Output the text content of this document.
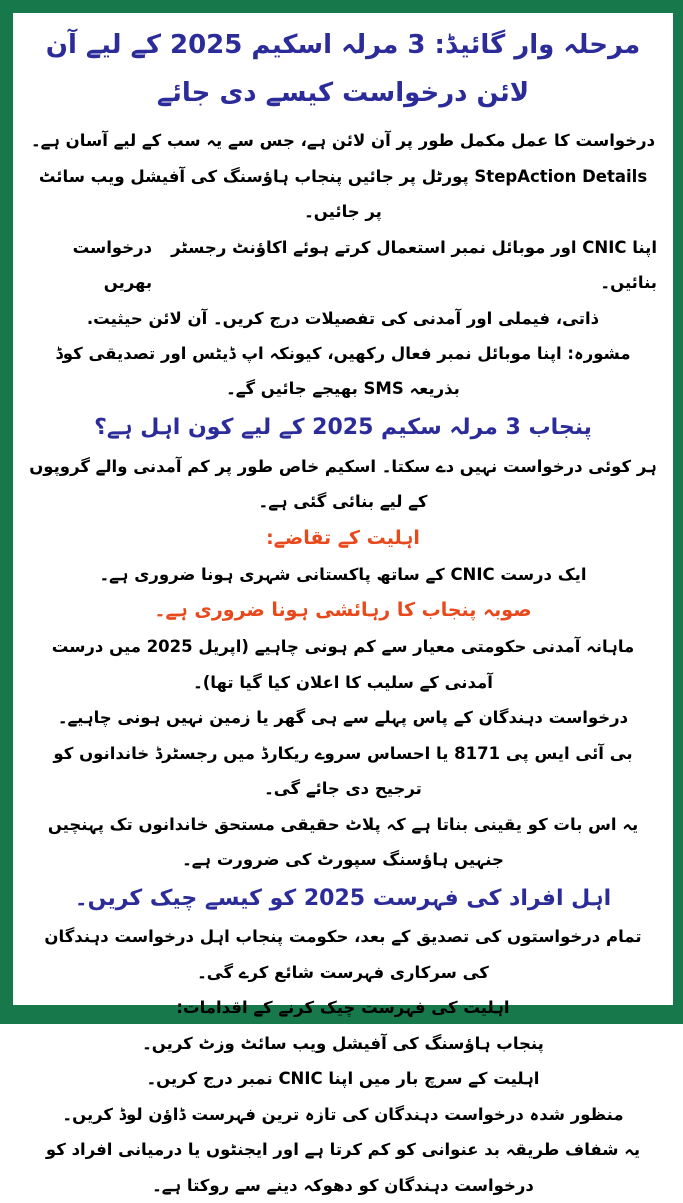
مرحلہ وار گائیڈ: 3 مرلہ اسکیم 2025 کے لیے آن لائن درخواست کیسے دی جائے
درخواست کا عمل مکمل طور پر آن لائن ہے، جس سے یہ سب کے لیے آسان ہے۔
StepAction Details پورٹل پر جائیں پنجاب ہاؤسنگ کی آفیشل ویب سائٹ پر جائیں۔
اپنا CNIC اور موبائل نمبر استعمال کرتے ہوئے اکاؤنٹ رجسٹر بنائیں۔
درخواست بھریں
ذاتی، فیملی اور آمدنی کی تفصیلات درج کریں۔ آن لائن حیثیت.
مشورہ: اپنا موبائل نمبر فعال رکھیں، کیونکہ اپ ڈیٹس اور تصدیقی کوڈ بذریعہ SMS بھیجے جائیں گے۔
پنجاب 3 مرلہ سکیم 2025 کے لیے کون اہل ہے؟
ہر کوئی درخواست نہیں دے سکتا۔ اسکیم خاص طور پر کم آمدنی والے گروپوں کے لیے بنائی گئی ہے۔
اہلیت کے تقاضے:
ایک درست CNIC کے ساتھ پاکستانی شہری ہونا ضروری ہے۔
صوبہ پنجاب کا رہائشی ہونا ضروری ہے۔
ماہانہ آمدنی حکومتی معیار سے کم ہونی چاہیے (اپریل 2025 میں درست آمدنی کے سلیب کا اعلان کیا گیا تھا)۔
درخواست دہندگان کے پاس پہلے سے ہی گھر یا زمین نہیں ہونی چاہیے۔
بی آئی ایس پی 8171 یا احساس سروے ریکارڈ میں رجسٹرڈ خاندانوں کو ترجیح دی جائے گی۔
یہ اس بات کو یقینی بناتا ہے کہ پلاٹ حقیقی مستحق خاندانوں تک پہنچیں جنہیں ہاؤسنگ سپورٹ کی ضرورت ہے۔
اہل افراد کی فہرست 2025 کو کیسے چیک کریں۔
تمام درخواستوں کی تصدیق کے بعد، حکومت پنجاب اہل درخواست دہندگان کی سرکاری فہرست شائع کرے گی۔
اہلیت کی فہرست چیک کرنے کے اقدامات:
پنجاب ہاؤسنگ کی آفیشل ویب سائٹ وزٹ کریں۔
اہلیت کے سرچ بار میں اپنا CNIC نمبر درج کریں۔
منظور شدہ درخواست دہندگان کی تازہ ترین فہرست ڈاؤن لوڈ کریں۔
یہ شفاف طریقہ بد عنوانی کو کم کرتا ہے اور ایجنٹوں یا درمیانی افراد کو درخواست دہندگان کو دھوکہ دینے سے روکتا ہے۔
